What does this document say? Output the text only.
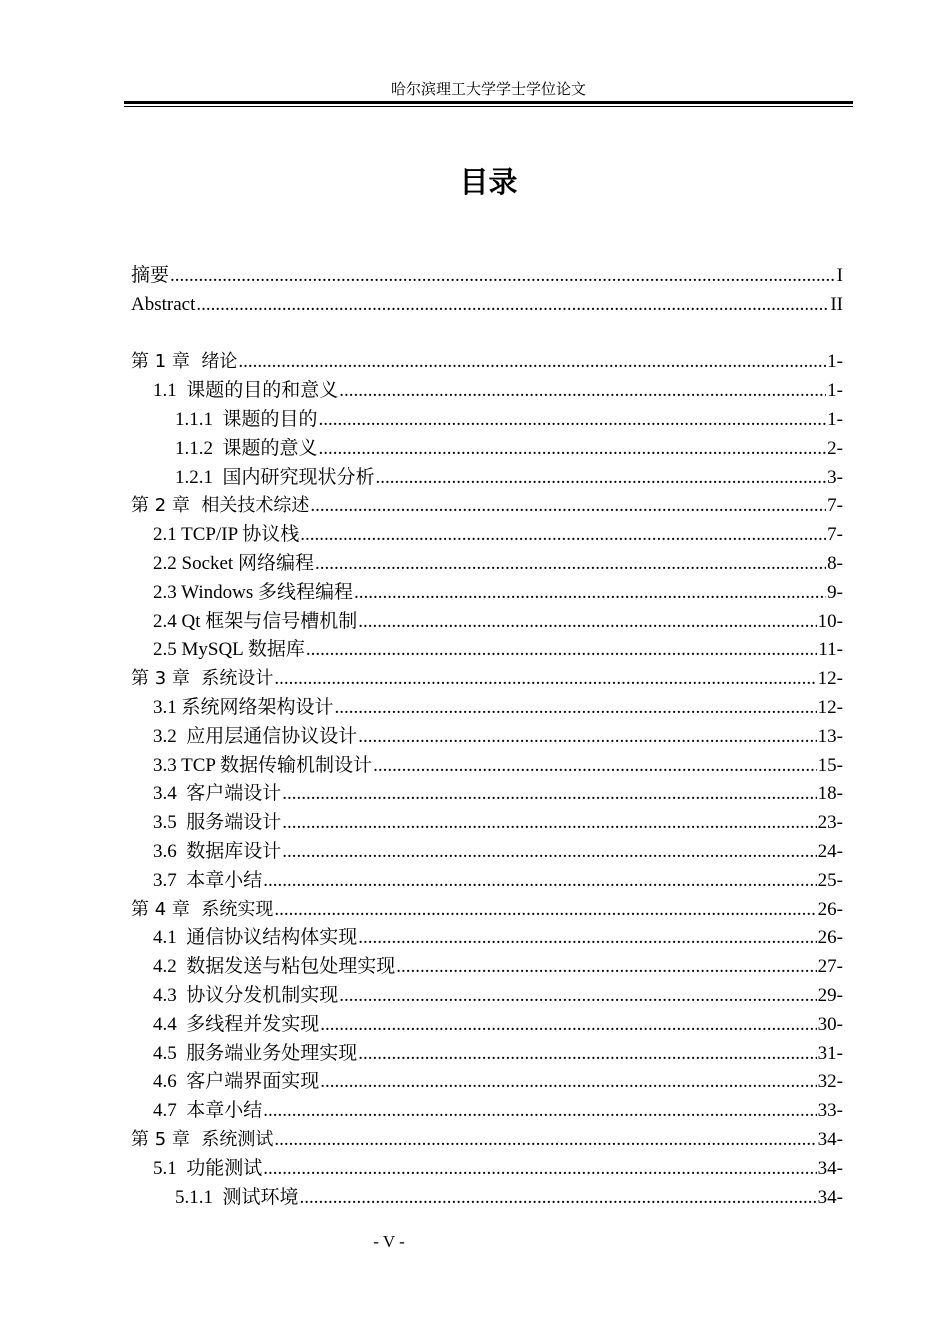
哈尔滨理工大学学士学位论文
目录
摘要 .....	I
Abstract .....	II
第 1 章  绪论 .....	1-
1.1  课题的目的和意义 .....	1-
1.1.1  课题的目的 .....	1-
1.1.2  课题的意义 .....	2-
1.2.1  国内研究现状分析 .....	3-
第 2 章  相关技术综述 .....	7-
2.1 TCP/IP 协议栈 .....	7-
2.2 Socket 网络编程 .....	8-
2.3 Windows 多线程编程 .....	9-
2.4 Qt 框架与信号槽机制 .....	10-
2.5 MySQL 数据库 .....	11-
第 3 章  系统设计 .....	12-
3.1 系统网络架构设计 .....	12-
3.2  应用层通信协议设计 .....	13-
3.3 TCP 数据传输机制设计 .....	15-
3.4  客户端设计 .....	18-
3.5  服务端设计 .....	23-
3.6  数据库设计 .....	24-
3.7  本章小结 .....	25-
第 4 章  系统实现 .....	26-
4.1  通信协议结构体实现 .....	26-
4.2  数据发送与粘包处理实现 .....	27-
4.3  协议分发机制实现 .....	29-
4.4  多线程并发实现 .....	30-
4.5  服务端业务处理实现 .....	31-
4.6  客户端界面实现 .....	32-
4.7  本章小结 .....	33-
第 5 章  系统测试 .....	34-
5.1  功能测试 .....	34-
5.1.1  测试环境 .....	34-
- V -
